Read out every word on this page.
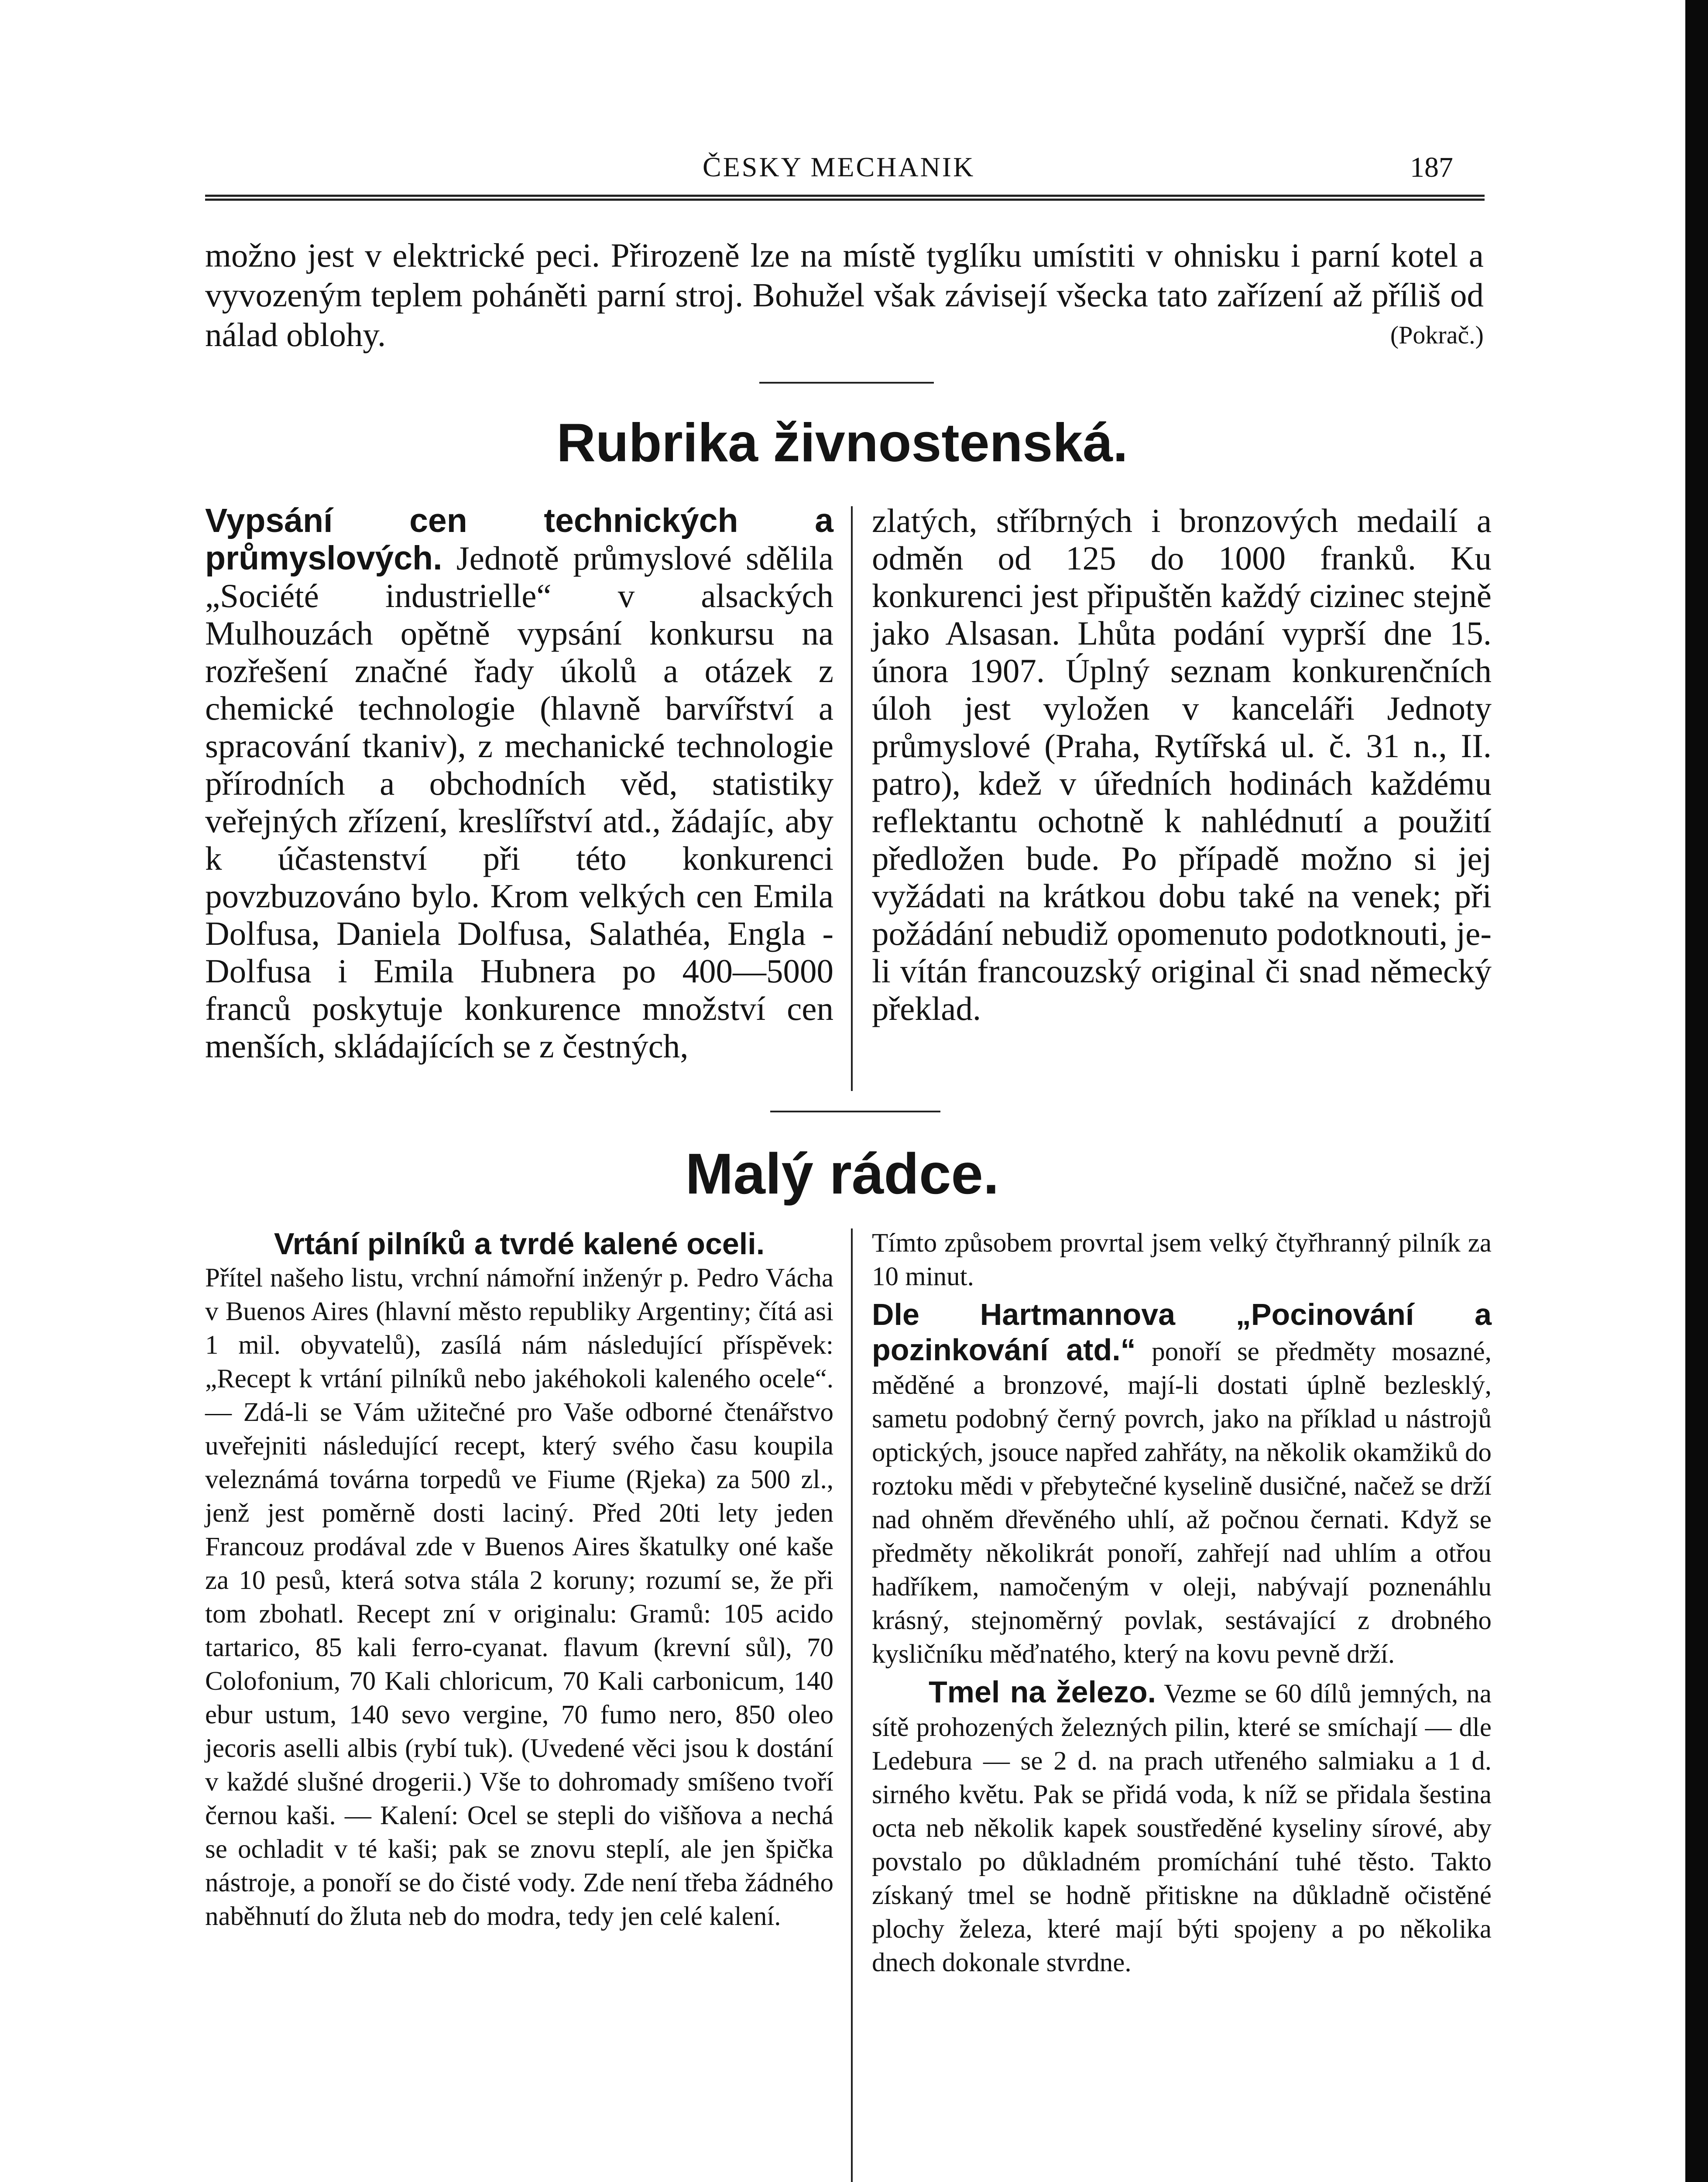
ČESKY MECHANIK	187

možno jest v elektrické peci. Přirozeně lze na místě tyglíku umístiti v ohnisku i parní kotel a vyvozeným teplem poháněti parní stroj. Bohužel však závisejí všecka tato zařízení až příliš od nálad oblohy.	(Pokrač.)

Rubrika živnostenská.

Vypsání cen technických a průmyslových. Jednotě průmyslové sdělila „Société industrielle“ v alsackých Mulhouzách opětně vypsání konkursu na rozřešení značné řady úkolů a otázek z chemické technologie (hlavně barvířství a spracování tkaniv), z mechanické technologie přírodních a obchodních věd, statistiky veřejných zřízení, kreslířství atd., žádajíc, aby k účastenství při této konkurenci povzbuzováno bylo. Krom velkých cen Emila Dolfusa, Daniela Dolfusa, Salathéa, Engla - Dolfusa i Emila Hubnera po 400—5000 franců poskytuje konkurence množství cen menších, skládajících se z čestných,

zlatých, stříbrných i bronzových medailí a odměn od 125 do 1000 franků. Ku konkurenci jest připuštěn každý cizinec stejně jako Alsasan. Lhůta podání vyprší dne 15. února 1907. Úplný seznam konkurenčních úloh jest vyložen v kanceláři Jednoty průmyslové (Praha, Rytířská ul. č. 31 n., II. patro), kdež v úředních hodinách každému reflektantu ochotně k nahlédnutí a použití předložen bude. Po případě možno si jej vyžádati na krátkou dobu také na venek; při požádání nebudiž opomenuto podotknouti, je-li vítán francouzský original či snad německý překlad.

Malý rádce.

Vrtání pilníků a tvrdé kalené oceli.

Přítel našeho listu, vrchní námořní inženýr p. Pedro Vácha v Buenos Aires (hlavní město republiky Argentiny; čítá asi 1 mil. obyvatelů), zasílá nám následující příspěvek: „Recept k vrtání pilníků nebo jakéhokoli kaleného ocele“. — Zdá-li se Vám užitečné pro Vaše odborné čtenářstvo uveřejniti následující recept, který svého času koupila veleznámá továrna torpedů ve Fiume (Rjeka) za 500 zl., jenž jest poměrně dosti laciný. Před 20ti lety jeden Francouz prodával zde v Buenos Aires škatulky oné kaše za 10 pesů, která sotva stála 2 koruny; rozumí se, že při tom zbohatl. Recept zní v originalu: Gramů: 105 acido tartarico, 85 kali ferro-cyanat. flavum (krevní sůl), 70 Colofonium, 70 Kali chloricum, 70 Kali carbonicum, 140 ebur ustum, 140 sevo vergine, 70 fumo nero, 850 oleo jecoris aselli albis (rybí tuk). (Uvedené věci jsou k dostání v každé slušné drogerii.) Vše to dohromady smíšeno tvoří černou kaši. — Kalení: Ocel se stepli do višňova a nechá se ochladit v té kaši; pak se znovu steplí, ale jen špička nástroje, a ponoří se do čisté vody. Zde není třeba žádného naběhnutí do žluta neb do modra, tedy jen celé kalení.

Tímto způsobem provrtal jsem velký čtyřhranný pilník za 10 minut.

Dle Hartmannova „Pocinování a pozinkování atd.“ ponoří se předměty mosazné, měděné a bronzové, mají-li dostati úplně bezlesklý, sametu podobný černý povrch, jako na příklad u nástrojů optických, jsouce napřed zahřáty, na několik okamžiků do roztoku mědi v přebytečné kyselině dusičné, načež se drží nad ohněm dřevěného uhlí, až počnou černati. Když se předměty několikrát ponoří, zahřejí nad uhlím a otřou hadříkem, namočeným v oleji, nabývají poznenáhlu krásný, stejnoměrný povlak, sestávající z drobného kysličníku měďnatého, který na kovu pevně drží.

Tmel na železo. Vezme se 60 dílů jemných, na sítě prohozených železných pilin, které se smíchají — dle Ledebura — se 2 d. na prach utřeného salmiaku a 1 d. sirného květu. Pak se přidá voda, k níž se přidala šestina octa neb několik kapek soustředěné kyseliny sírové, aby povstalo po důkladném promíchání tuhé těsto. Takto získaný tmel se hodně přitiskne na důkladně očistěné plochy železa, které mají býti spojeny a po několika dnech dokonale stvrdne.
